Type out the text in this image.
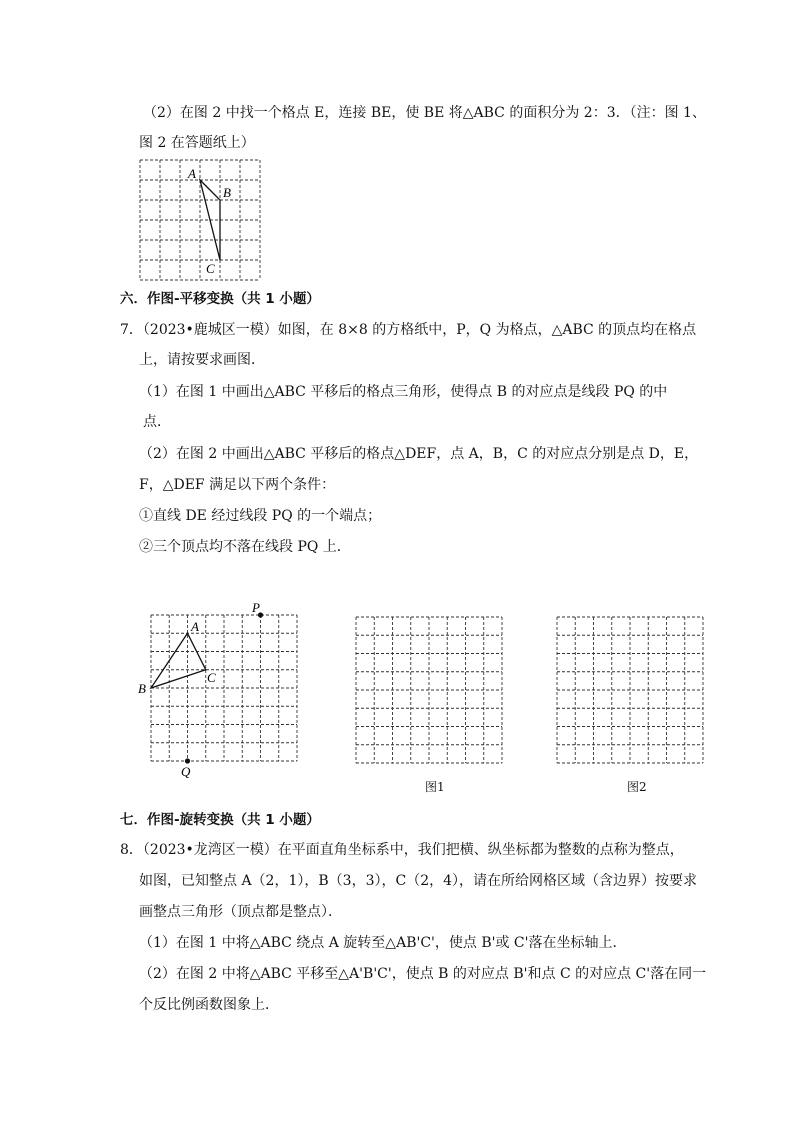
（2）在图 2 中找一个格点 E，连接 BE，使 BE 将△ABC 的面积分为 2：3．（注：图 1、
图 2 在答题纸上）
A
B
C
六．作图-平移变换（共 1 小题）
7．（2023•鹿城区一模）如图，在 8×8 的方格纸中，P，Q 为格点，△ABC 的顶点均在格点
上，请按要求画图．
（1）在图 1 中画出△ABC 平移后的格点三角形，使得点 B 的对应点是线段 PQ 的中
点．
（2）在图 2 中画出△ABC 平移后的格点△DEF，点 A，B，C 的对应点分别是点 D，E，
F，△DEF 满足以下两个条件：
①直线 DE 经过线段 PQ 的一个端点；
②三个顶点均不落在线段 PQ 上．
P
Q
A
C
B
图1	图2
七．作图-旋转变换（共 1 小题）
8．（2023•龙湾区一模）在平面直角坐标系中，我们把横、纵坐标都为整数的点称为整点，
如图，已知整点 A（2，1），B（3，3），C（2，4），请在所给网格区域（含边界）按要求
画整点三角形（顶点都是整点）．
（1）在图 1 中将△ABC 绕点 A 旋转至△AB'C'，使点 B'或 C'落在坐标轴上．
（2）在图 2 中将△ABC 平移至△A'B'C'，使点 B 的对应点 B'和点 C 的对应点 C'落在同一
个反比例函数图象上．
